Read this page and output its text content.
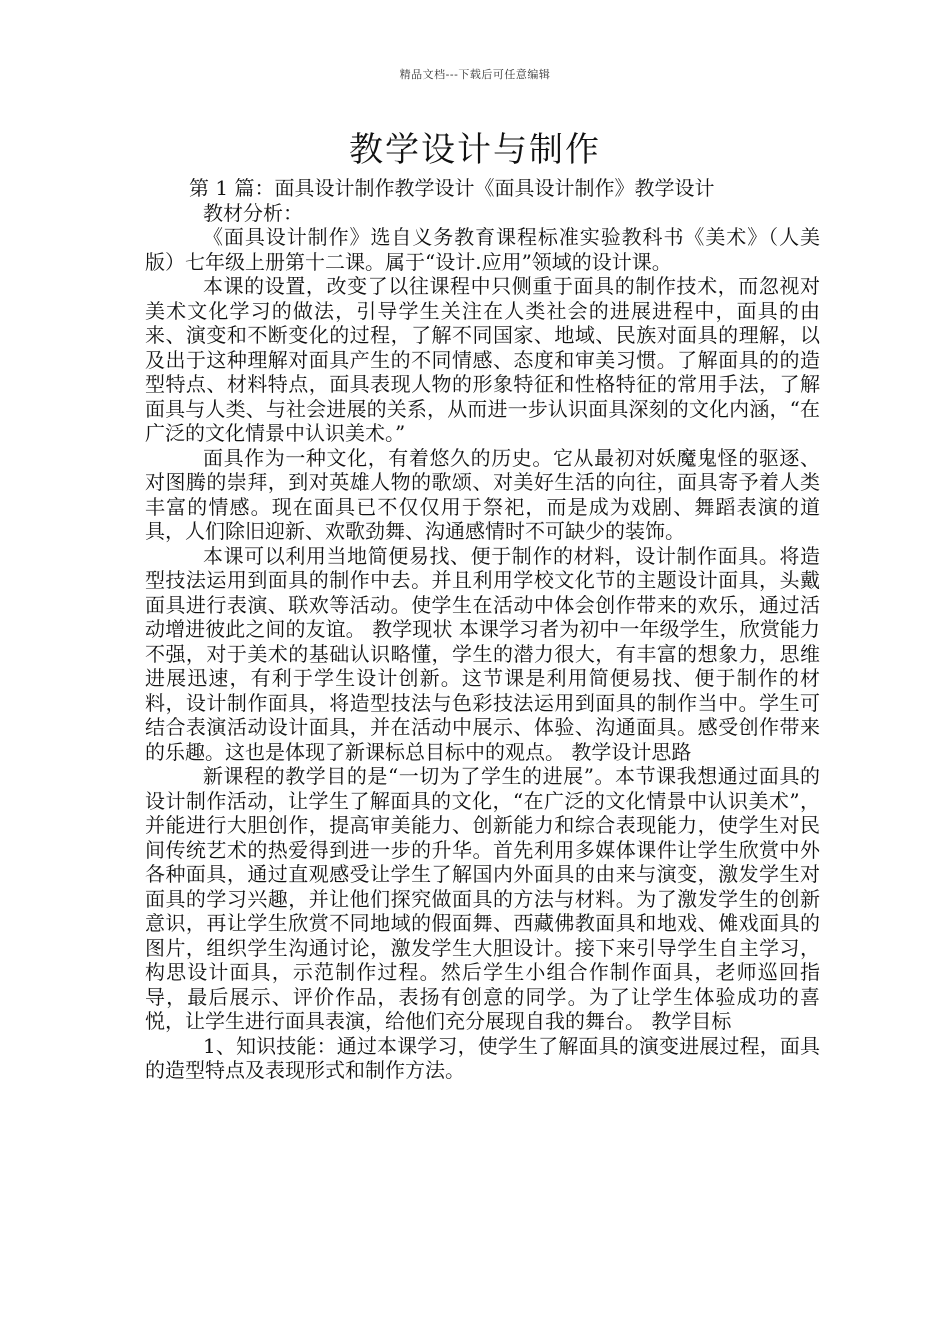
精品文档---下载后可任意编辑
教学设计与制作

第 1 篇：面具设计制作教学设计《面具设计制作》教学设计

教材分析：

《面具设计制作》选自义务教育课程标准实验教科书《美术》（人美版）七年级上册第十二课。属于“设计.应用”领域的设计课。

本课的设置，改变了以往课程中只侧重于面具的制作技术，而忽视对美术文化学习的做法，引导学生关注在人类社会的进展进程中，面具的由来、演变和不断变化的过程，了解不同国家、地域、民族对面具的理解，以及出于这种理解对面具产生的不同情感、态度和审美习惯。了解面具的的造型特点、材料特点，面具表现人物的形象特征和性格特征的常用手法，了解面具与人类、与社会进展的关系，从而进一步认识面具深刻的文化内涵，“在广泛的文化情景中认识美术。”

面具作为一种文化，有着悠久的历史。它从最初对妖魔鬼怪的驱逐、对图腾的崇拜，到对英雄人物的歌颂、对美好生活的向往，面具寄予着人类丰富的情感。现在面具已不仅仅用于祭祀，而是成为戏剧、舞蹈表演的道具，人们除旧迎新、欢歌劲舞、沟通感情时不可缺少的装饰。

本课可以利用当地简便易找、便于制作的材料，设计制作面具。将造型技法运用到面具的制作中去。并且利用学校文化节的主题设计面具，头戴面具进行表演、联欢等活动。使学生在活动中体会创作带来的欢乐，通过活动增进彼此之间的友谊。 教学现状 本课学习者为初中一年级学生，欣赏能力不强，对于美术的基础认识略懂，学生的潜力很大，有丰富的想象力，思维进展迅速，有利于学生设计创新。这节课是利用简便易找、便于制作的材料，设计制作面具，将造型技法与色彩技法运用到面具的制作当中。学生可结合表演活动设计面具，并在活动中展示、体验、沟通面具。感受创作带来的乐趣。这也是体现了新课标总目标中的观点。 教学设计思路

新课程的教学目的是“一切为了学生的进展”。本节课我想通过面具的设计制作活动，让学生了解面具的文化，“在广泛的文化情景中认识美术”，并能进行大胆创作，提高审美能力、创新能力和综合表现能力，使学生对民间传统艺术的热爱得到进一步的升华。首先利用多媒体课件让学生欣赏中外各种面具，通过直观感受让学生了解国内外面具的由来与演变，激发学生对面具的学习兴趣，并让他们探究做面具的方法与材料。为了激发学生的创新意识，再让学生欣赏不同地域的假面舞、西藏佛教面具和地戏、傩戏面具的图片，组织学生沟通讨论，激发学生大胆设计。接下来引导学生自主学习，构思设计面具，示范制作过程。然后学生小组合作制作面具，老师巡回指导，最后展示、评价作品，表扬有创意的同学。为了让学生体验成功的喜悦，让学生进行面具表演，给他们充分展现自我的舞台。 教学目标

1、知识技能：通过本课学习，使学生了解面具的演变进展过程，面具的造型特点及表现形式和制作方法。
